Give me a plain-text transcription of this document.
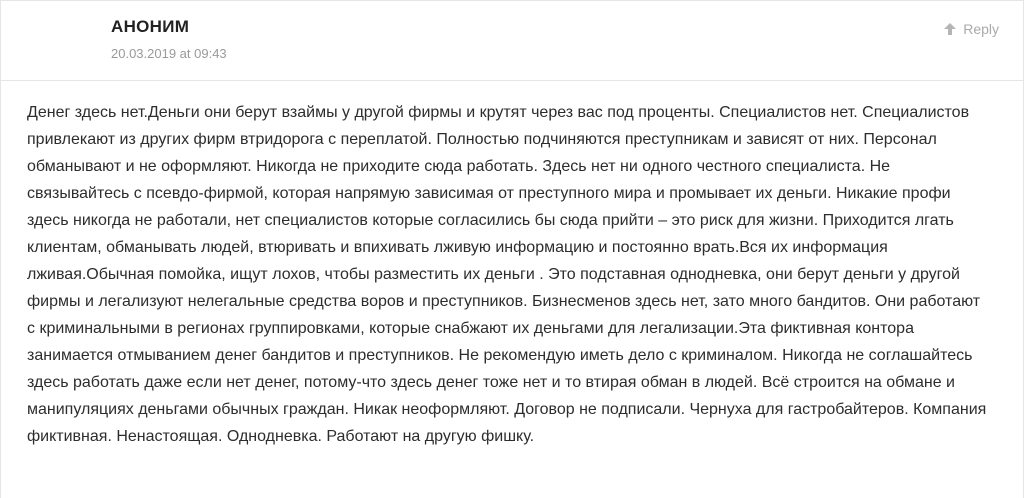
АНОНИМ
20.03.2019 at 09:43
Reply
Денег здесь нет.Деньги они берут взаймы у другой фирмы и крутят через вас под проценты. Специалистов нет. Специалистов привлекают из других фирм втридорога с переплатой. Полностью подчиняются преступникам и зависят от них. Персонал обманывают и не оформляют. Никогда не приходите сюда работать. Здесь нет ни одного честного специалиста. Не связывайтесь с псевдо-фирмой, которая напрямую зависимая от преступного мира и промывает их деньги. Никакие профи здесь никогда не работали, нет специалистов которые согласились бы сюда прийти – это риск для жизни. Приходится лгать клиентам, обманывать людей, втюривать и впихивать лживую информацию и постоянно врать.Вся их информация лживая.Обычная помойка, ищут лохов, чтобы разместить их деньги . Это подставная однодневка, они берут деньги у другой фирмы и легализуют нелегальные средства воров и преступников. Бизнесменов здесь нет, зато много бандитов. Они работают с криминальными в регионах группировками, которые снабжают их деньгами для легализации.Эта фиктивная контора занимается отмыванием денег бандитов и преступников. Не рекомендую иметь дело с криминалом. Никогда не соглашайтесь здесь работать даже если нет денег, потому-что здесь денег тоже нет и то втирая обман в людей. Всё строится на обмане и манипуляциях деньгами обычных граждан. Никак неоформляют. Договор не подписали. Чернуха для гастробайтеров. Компания фиктивная. Ненастоящая. Однодневка. Работают на другую фишку.
